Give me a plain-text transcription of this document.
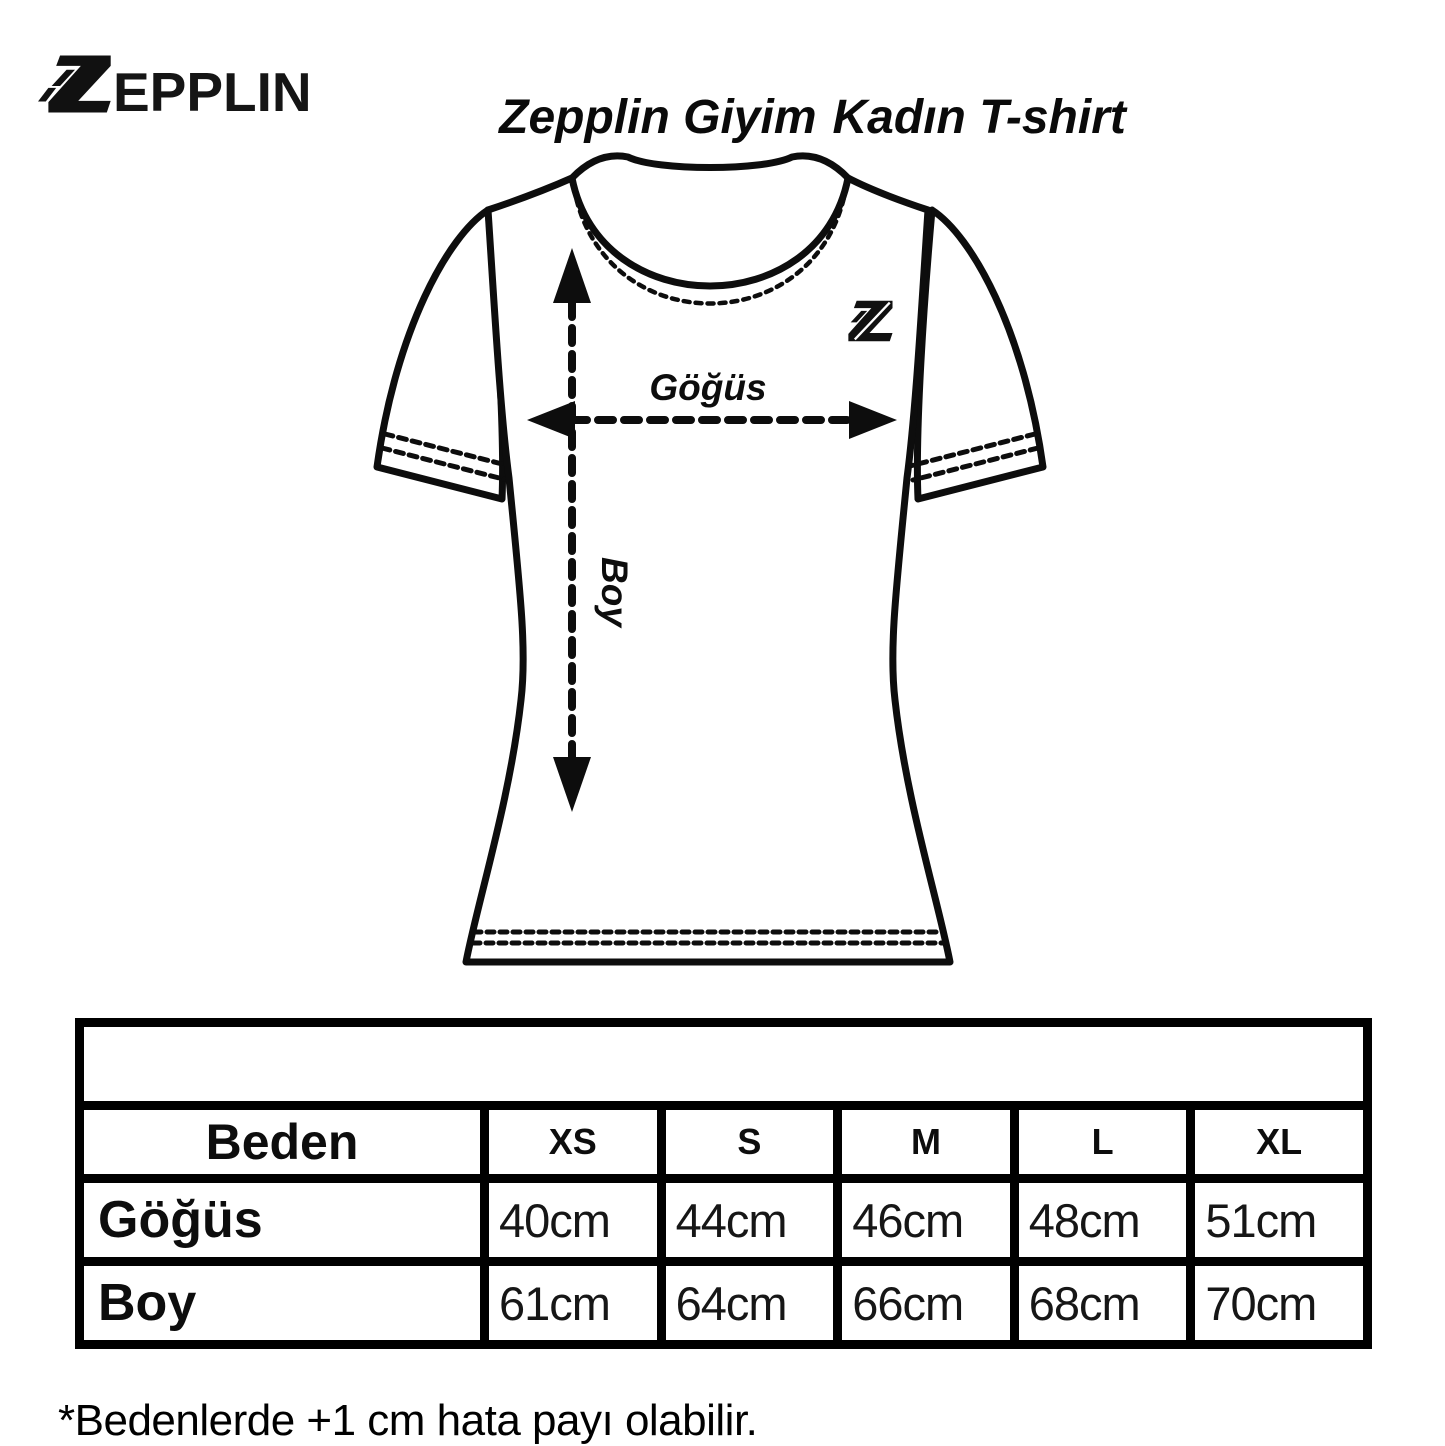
EPPLIN	Zepplin Giyim Kadın T-shirt
Göğüs
Boy
Beden Tablosu					
Beden	XS	S	M	L	XL
Göğüs	40cm	44cm	46cm	48cm	51cm
Boy	61cm	64cm	66cm	68cm	70cm

*Bedenlerde +1 cm hata payı olabilir.
